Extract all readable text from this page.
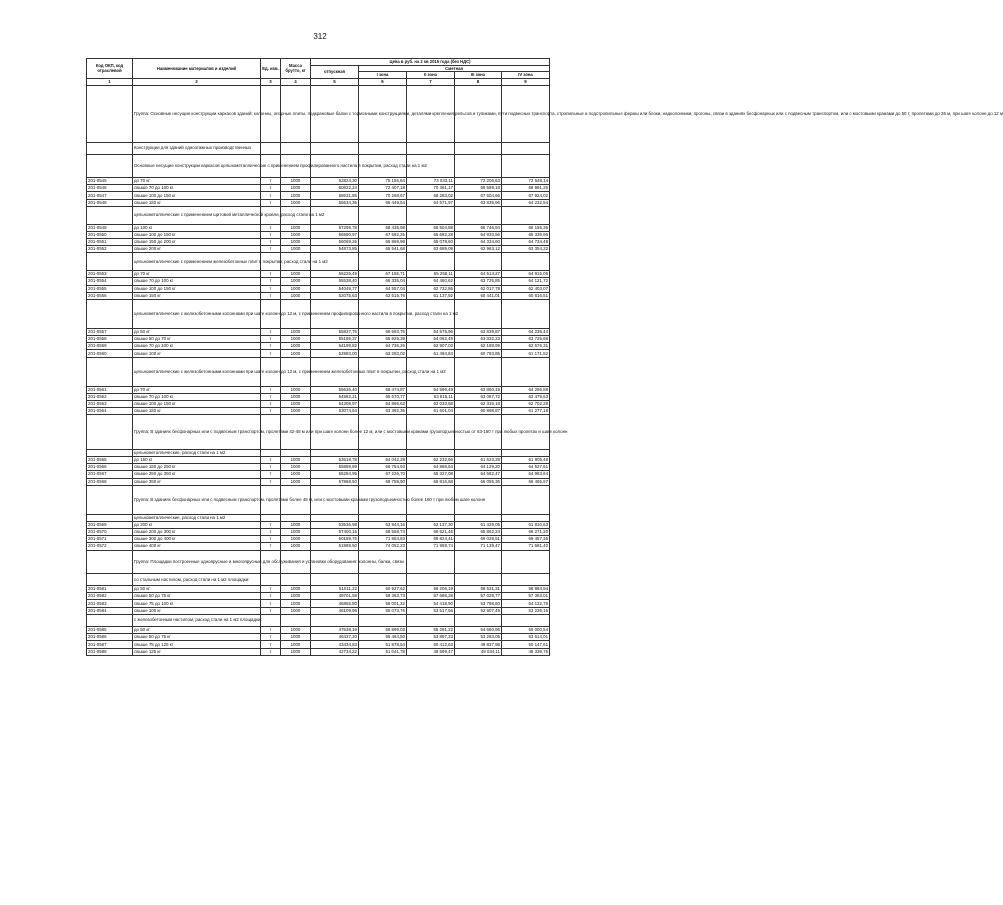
312
Код ОКП, код отраслевой	Наименование материалов и изделий	Ед. изм.	Масса брутто, кг	Цена в руб. на 2 кв 2015 года (без НДС)				
				отпускная	Сметная			
					I зона	II зона	III зона	IV зона
1	2	3	4	5	6	7	8	9
	Группа: Основные несущие конструкции каркасов зданий: колонны, опорные плиты, подкрановые балки с тормозными конструкциями, деталями крепления рельсов и тупиками, пути подвесных транспорта, стропильные и подстропильные фермы или блоки, надколонники, прогоны, связи в зданиях бесфонарных или с подвесным транспортом, или с мостовыми кранами до 50 т, пролетами до 36 м, при шаге колонн до 12 м							
	Конструкции для зданий одноэтажных производственных							
	Основные несущие конструкции каркасов цельнометаллические с применением профилированного настила в покрытии, расход стали на 1 м2							
201-0545	до 70 кг	т	1000	62824,30	75 156,84	73 033,11	72 206,63	72 648,14
201-0546	свыше 70 до 100 кг	т	1000	60622,24	72 407,18	70 361,17	69 589,18	69 991,26
201-0547	свыше 100 до 150 кг	т	1000	58631,85	70 268,67	68 283,02	67 504,66	67 924,02
201-0548	свыше 150 кг	т	1000	55634,35	66 449,54	64 571,97	63 835,96	64 232,54
	цельнометаллические с применением щитовой металлической кровли, расход стали на 1 м2							
201-0549	до 100 кг	т	1000	57299,78	68 435,98	66 504,88	65 746,94	66 155,36
201-0550	свыше 100 до 150 кг	т	1000	56590,97	67 592,25	65 682,28	64 933,56	65 336,95
201-0551	свыше 150 до 200 кг	т	1000	56069,26	66 969,98	65 078,60	64 334,60	64 734,48
201-0552	свыше 200 кг	т	1000	54873,85	65 541,68	63 689,09	62 963,12	63 354,22
	цельнометаллические с применением железобетонных плит в покрытии, расход стали на 1 м2							
201-0553	до 70 кг	т	1000	56225,49	67 155,71	65 258,11	64 514,27	64 915,05
201-0554	свыше 70 до 100 кг	т	1000	55538,40	66 335,04	64 460,62	63 725,85	64 121,72
201-0555	свыше 100 до 150 кг	т	1000	54049,77	64 557,04	62 732,86	62 017,78	62 403,07
201-0556	свыше 150 кг	т	1000	52075,63	62 515,76	61 137,92	60 441,01	60 816,51
	цельнометаллические с железобетонными колоннами при шаге колонн до 12 м, с применением профилированного настила в покрытии, расход стали на 1 м2							
201-0557	до 50 кг	т	1000	55837,76	66 693,76	64 575,96	63 839,87	64 236,44
201-0558	свыше 50 до 70 кг	т	1000	55195,37	65 925,39	64 062,49	63 332,23	63 725,68
201-0559	свыше 70 до 100 кг	т	1000	54199,82	64 736,26	62 907,03	62 189,99	62 576,31
201-0560	свыше 100 кг	т	1000	52983,00	63 283,02	61 494,84	60 793,85	61 171,52
	цельнометаллические с железобетонными колоннами при шаге колонн до 12 м, с применением железобетонных плит в покрытии, расход стали на 1 м2							
201-0561	до 70 кг	т	1000	55635,40	66 474,87	64 596,49	63 860,19	64 256,88
201-0562	свыше 70 до 100 кг	т	1000	54982,21	65 670,77	63 815,11	63 087,72	63 479,63
201-0563	свыше 100 до 150 кг	т	1000	54308,97	64 866,62	63 033,68	62 315,18	62 702,28
201-0564	свыше 150 кг	т	1000	53074,64	63 392,35	61 601,04	60 898,87	61 277,18
	Группа: В зданиях бесфонарных или с подвесным транспортом, пролетами 42-48 м или при шаге колонн более 12 м; или с мостовыми кранами грузоподъемностью от 63-160 т при любых пролетах и шаге колонн							
	цельнометаллические, расход стали на 1 м2							
201-0565	до 150 кг	т	1000	53618,78	64 042,29	62 232,66	61 523,28	61 905,49
201-0566	свыше 150 до 250 кг	т	1000	55859,89	66 754,93	64 868,64	64 129,20	64 527,61
201-0567	свыше 250 до 350 кг	т	1000	56284,95	67 226,70	65 327,08	64 582,47	64 983,64
201-0568	свыше 350 кг	т	1000	57868,50	69 759,90	66 816,68	66 055,36	66 465,67
	Группа: В зданиях бесфонарных или с подвесным транспортом, пролетами более 48 м, или с мостовыми кранами грузоподъемностью более 160 т при любом шаге колонн							
	цельнометаллические, расход стали на 1 м2							
201-0569	до 200 кг	т	1000	53536,98	63 944,16	62 137,30	61 429,05	61 810,63
201-0570	свыше 200 до 300 кг	т	1000	57400,15	68 558,74	66 621,46	65 862,24	66 271,20
201-0571	свыше 300 до 400 кг	т	1000	60159,75	71 854,83	69 824,41	69 028,51	69 457,35
201-0572	свыше 400 кг	т	1000	61999,50	74 052,23	71 959,74	71 139,47	71 581,40
	Группа: Площадки построенные одноярусные и многоярусные для обслуживания и установки оборудования: колонны, балки, связи							
	со стальным настилом, расход стали на 1 м2 площадки:							
201-0581	до 50 кг	т	1000	51011,22	60 927,62	59 206,19	58 531,31	58 894,94
201-0582	свыше 50 до 75 кг	т	1000	49701,59	59 363,73	57 686,28	57 028,77	57 383,01
201-0583	свыше 75 до 100 кг	т	1000	46855,80	56 001,32	54 418,90	53 798,60	54 132,79
201-0584	свыше 100 кг	т	1000	46109,96	55 073,76	53 517,56	52 907,49	53 236,16
	с железобетонным настилом, расход стали на 1 м2 площадки:							
201-0585	до 50 кг	т	1000	47638,19	56 899,03	55 291,22	54 660,95	55 000,54
201-0586	свыше 50 до 75 кг	т	1000	46437,20	55 464,50	53 897,33	53 283,05	53 614,01
201-0587	свыше 75 до 125 кг	т	1000	43434,83	51 878,54	50 412,63	49 837,98	50 147,61
201-0588	свыше 125 кг	т	1000	42734,22	51 041,78	49 599,47	49 034,11	49 338,75
